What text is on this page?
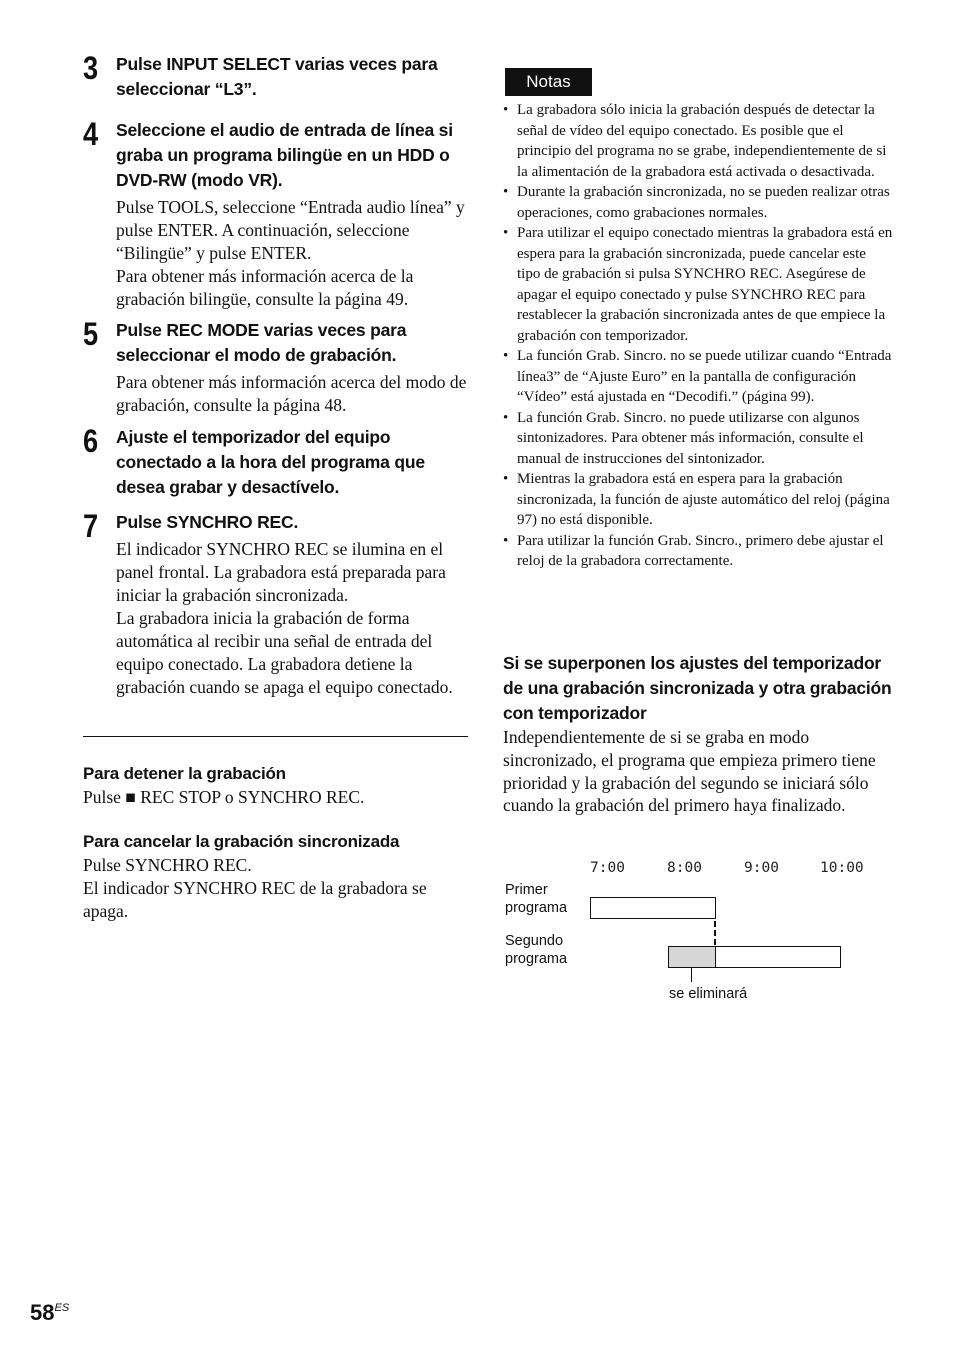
3 Pulse INPUT SELECT varias veces para seleccionar “L3”.
4 Seleccione el audio de entrada de línea si graba un programa bilingüe en un HDD o DVD-RW (modo VR).

Pulse TOOLS, seleccione “Entrada audio línea” y pulse ENTER. A continuación, seleccione “Bilingüe” y pulse ENTER.

Para obtener más información acerca de la grabación bilingüe, consulte la página 49.

5 Pulse REC MODE varias veces para seleccionar el modo de grabación.

Para obtener más información acerca del modo de grabación, consulte la página 48.

6 Ajuste el temporizador del equipo conectado a la hora del programa que desea grabar y desactívelo.
7 Pulse SYNCHRO REC.

El indicador SYNCHRO REC se ilumina en el panel frontal. La grabadora está preparada para iniciar la grabación sincronizada.

La grabadora inicia la grabación de forma automática al recibir una señal de entrada del equipo conectado. La grabadora detiene la grabación cuando se apaga el equipo conectado.

Para detener la grabación
Pulse ■ REC STOP o SYNCHRO REC.
Para cancelar la grabación sincronizada

Pulse SYNCHRO REC.

El indicador SYNCHRO REC de la grabadora se apaga.

Notas
• La grabadora sólo inicia la grabación después de detectar la señal de vídeo del equipo conectado. Es posible que el principio del programa no se grabe, independientemente de si la alimentación de la grabadora está activada o desactivada.
• Durante la grabación sincronizada, no se pueden realizar otras operaciones, como grabaciones normales.
• Para utilizar el equipo conectado mientras la grabadora está en espera para la grabación sincronizada, puede cancelar este tipo de grabación si pulsa SYNCHRO REC. Asegúrese de apagar el equipo conectado y pulse SYNCHRO REC para restablecer la grabación sincronizada antes de que empiece la grabación con temporizador.
• La función Grab. Sincro. no se puede utilizar cuando “Entrada línea3” de “Ajuste Euro” en la pantalla de configuración “Vídeo” está ajustada en “Decodifi.” (página 99).
• La función Grab. Sincro. no puede utilizarse con algunos sintonizadores. Para obtener más información, consulte el manual de instrucciones del sintonizador.
• Mientras la grabadora está en espera para la grabación sincronizada, la función de ajuste automático del reloj (página 97) no está disponible.
• Para utilizar la función Grab. Sincro., primero debe ajustar el reloj de la grabadora correctamente.
Si se superponen los ajustes del temporizador de una grabación sincronizada y otra grabación con temporizador
Independientemente de si se graba en modo sincronizado, el programa que empieza primero tiene prioridad y la grabación del segundo se iniciará sólo cuando la grabación del primero haya finalizado.
7:00	8:00	9:00	10:00
Primer
programa
Segundo
programa
se eliminará
$58^{ES}$
